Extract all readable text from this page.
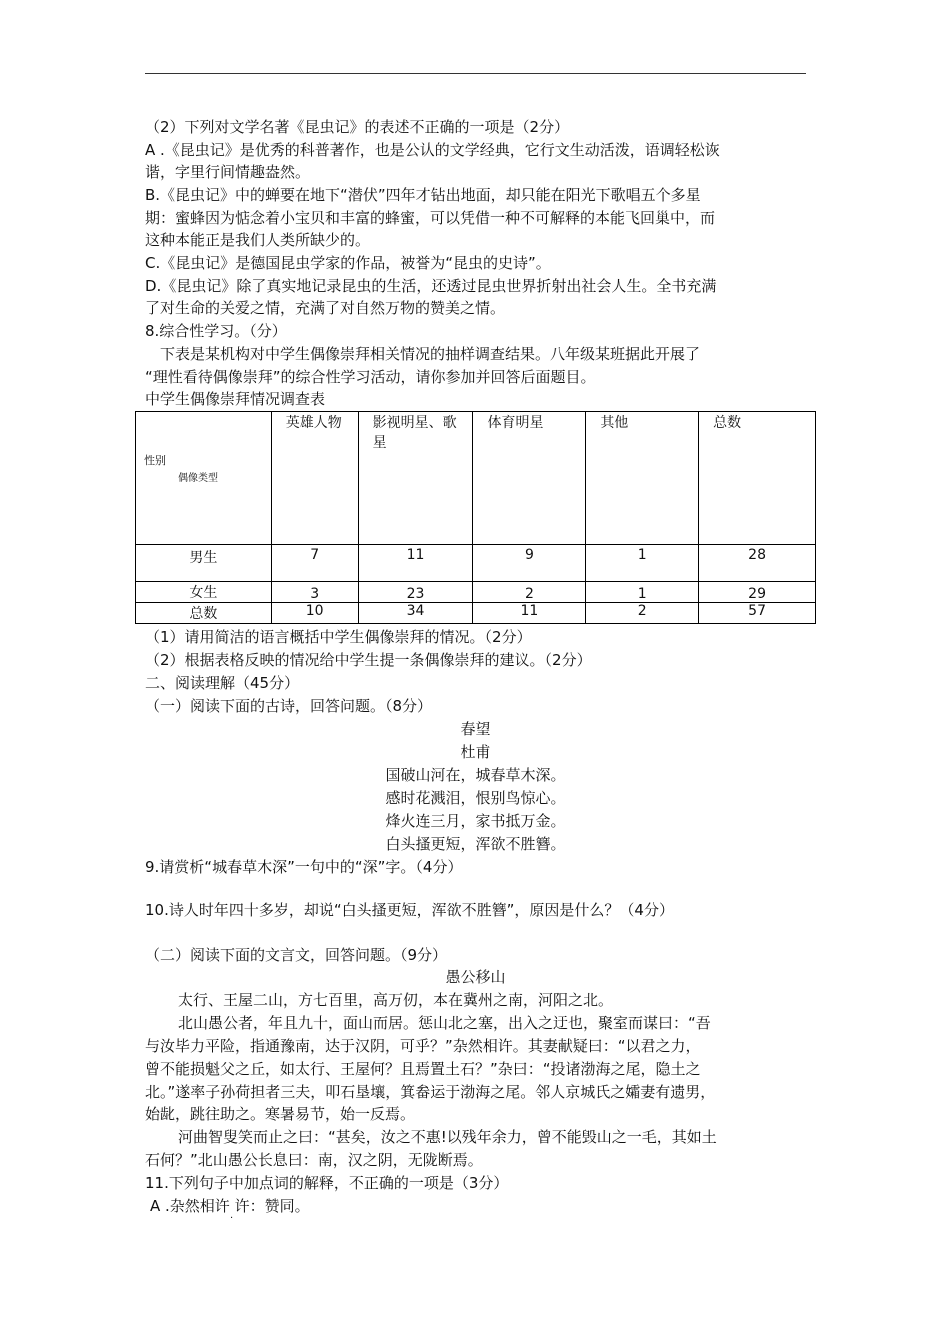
（2）下列对文学名著《昆虫记》的表述不正确的一项是（2分）
A .《昆虫记》是优秀的科普著作，也是公认的文学经典，它行文生动活泼，语调轻松诙
谐，字里行间情趣盎然。
B.《昆虫记》中的蝉要在地下“潜伏”四年才钻出地面，却只能在阳光下歌唱五个多星
期：蜜蜂因为惦念着小宝贝和丰富的蜂蜜，可以凭借一种不可解释的本能飞回巢中，而
这种本能正是我们人类所缺少的。
C.《昆虫记》是德国昆虫学家的作品，被誉为“昆虫的史诗”。
D.《昆虫记》除了真实地记录昆虫的生活，还透过昆虫世界折射出社会人生。全书充满
了对生命的关爱之情，充满了对自然万物的赞美之情。
8.综合性学习。（分）
下表是某机构对中学生偶像崇拜相关情况的抽样调查结果。八年级某班据此开展了
“理性看待偶像崇拜”的综合性学习活动，请你参加并回答后面题目。
中学生偶像崇拜情况调查表
性别
偶像类型	英雄人物	影视明星、歌星	体育明星	其他	总数

男生	7	11	9	1	28
女生	3	23	2	1	29
总数	10	34	11	2	57
（1）请用简洁的语言概括中学生偶像崇拜的情况。（2分）
（2）根据表格反映的情况给中学生提一条偶像崇拜的建议。（2分）
二、阅读理解（45分）
（一）阅读下面的古诗，回答问题。（8分）
春望
杜甫
国破山河在，城春草木深。
感时花溅泪，恨别鸟惊心。
烽火连三月，家书抵万金。
白头搔更短，浑欲不胜簪。
9.请赏析“城春草木深”一句中的“深”字。（4分）
10.诗人时年四十多岁，却说“白头搔更短，浑欲不胜簪”，原因是什么？（4分）
（二）阅读下面的文言文，回答问题。（9分）
愚公移山
太行、王屋二山，方七百里，高万仞，本在冀州之南，河阳之北。
北山愚公者，年且九十，面山而居。惩山北之塞，出入之迂也，聚室而谋曰：“吾
与汝毕力平险，指通豫南，达于汉阴，可乎？”杂然相许。其妻献疑曰：“以君之力，
曾不能损魁父之丘，如太行、王屋何？且焉置土石？”杂曰：“投诸渤海之尾，隐土之
北。”遂率子孙荷担者三夫，叩石垦壤，箕畚运于渤海之尾。邻人京城氏之孀妻有遗男，
始龀，跳往助之。寒暑易节，始一反焉。
河曲智叟笑而止之曰：“甚矣，汝之不惠!以残年余力，曾不能毁山之一毛，其如土
石何？”北山愚公长息曰：南，汉之阴，无陇断焉。
11.下列句子中加点词的解释，不正确的一项是（3分）
A .杂然相许 许：赞同。
·
